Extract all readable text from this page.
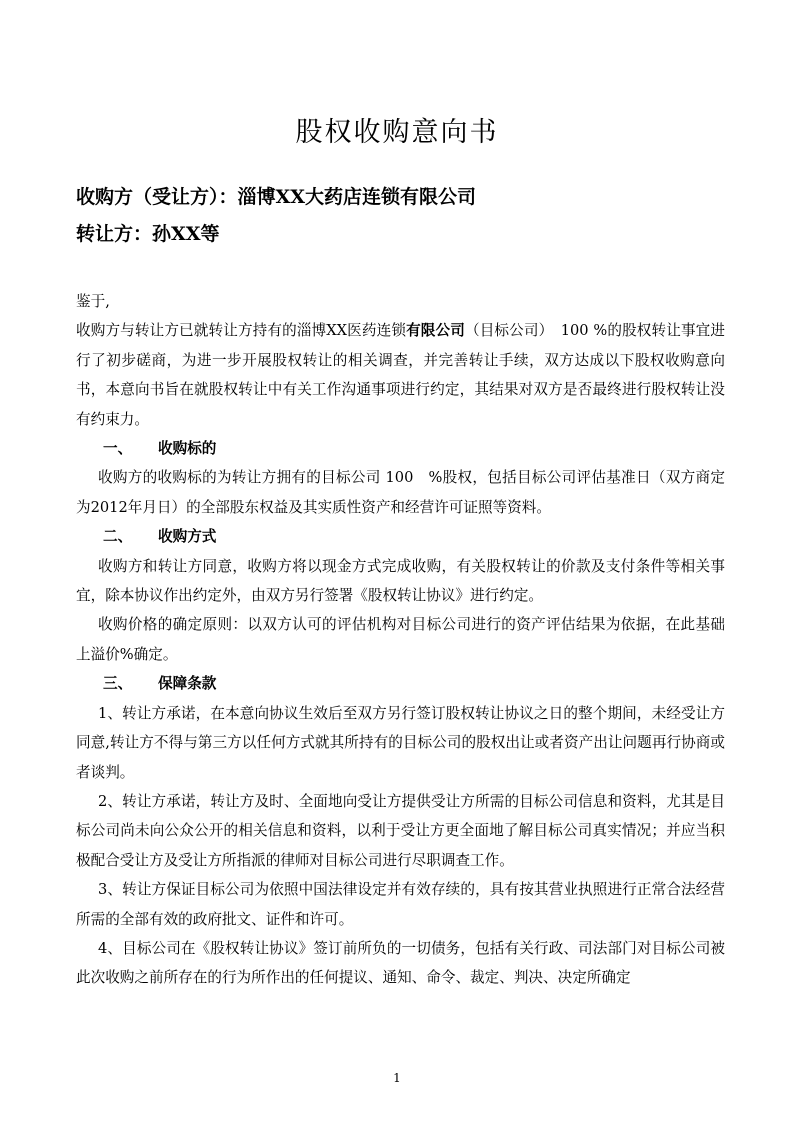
股权收购意向书
收购方（受让方）：淄博XX大药店连锁有限公司
转让方：孙XX等

鉴于,

收购方与转让方已就转让方持有的淄博XX医药连锁有限公司（目标公司）　100 %的股权转让事宜进行了初步磋商，为进一步开展股权转让的相关调查，并完善转让手续，双方达成以下股权收购意向书，本意向书旨在就股权转让中有关工作沟通事项进行约定，其结果对双方是否最终进行股权转让没有约束力。

一、 收购标的

收购方的收购标的为转让方拥有的目标公司 100　%股权，包括目标公司评估基准日（双方商定为2012年月日）的全部股东权益及其实质性资产和经营许可证照等资料。

二、 收购方式

收购方和转让方同意，收购方将以现金方式完成收购，有关股权转让的价款及支付条件等相关事宜，除本协议作出约定外，由双方另行签署《股权转让协议》进行约定。

收购价格的确定原则：以双方认可的评估机构对目标公司进行的资产评估结果为依据，在此基础上溢价%确定。

三、 保障条款

1、转让方承诺，在本意向协议生效后至双方另行签订股权转让协议之日的整个期间，未经受让方同意,转让方不得与第三方以任何方式就其所持有的目标公司的股权出让或者资产出让问题再行协商或者谈判。

2、转让方承诺，转让方及时、全面地向受让方提供受让方所需的目标公司信息和资料，尤其是目标公司尚未向公众公开的相关信息和资料，以利于受让方更全面地了解目标公司真实情况；并应当积极配合受让方及受让方所指派的律师对目标公司进行尽职调查工作。

3、转让方保证目标公司为依照中国法律设定并有效存续的，具有按其营业执照进行正常合法经营所需的全部有效的政府批文、证件和许可。

4、目标公司在《股权转让协议》签订前所负的一切债务，包括有关行政、司法部门对目标公司被此次收购之前所存在的行为所作出的任何提议、通知、命令、裁定、判决、决定所确定

1
